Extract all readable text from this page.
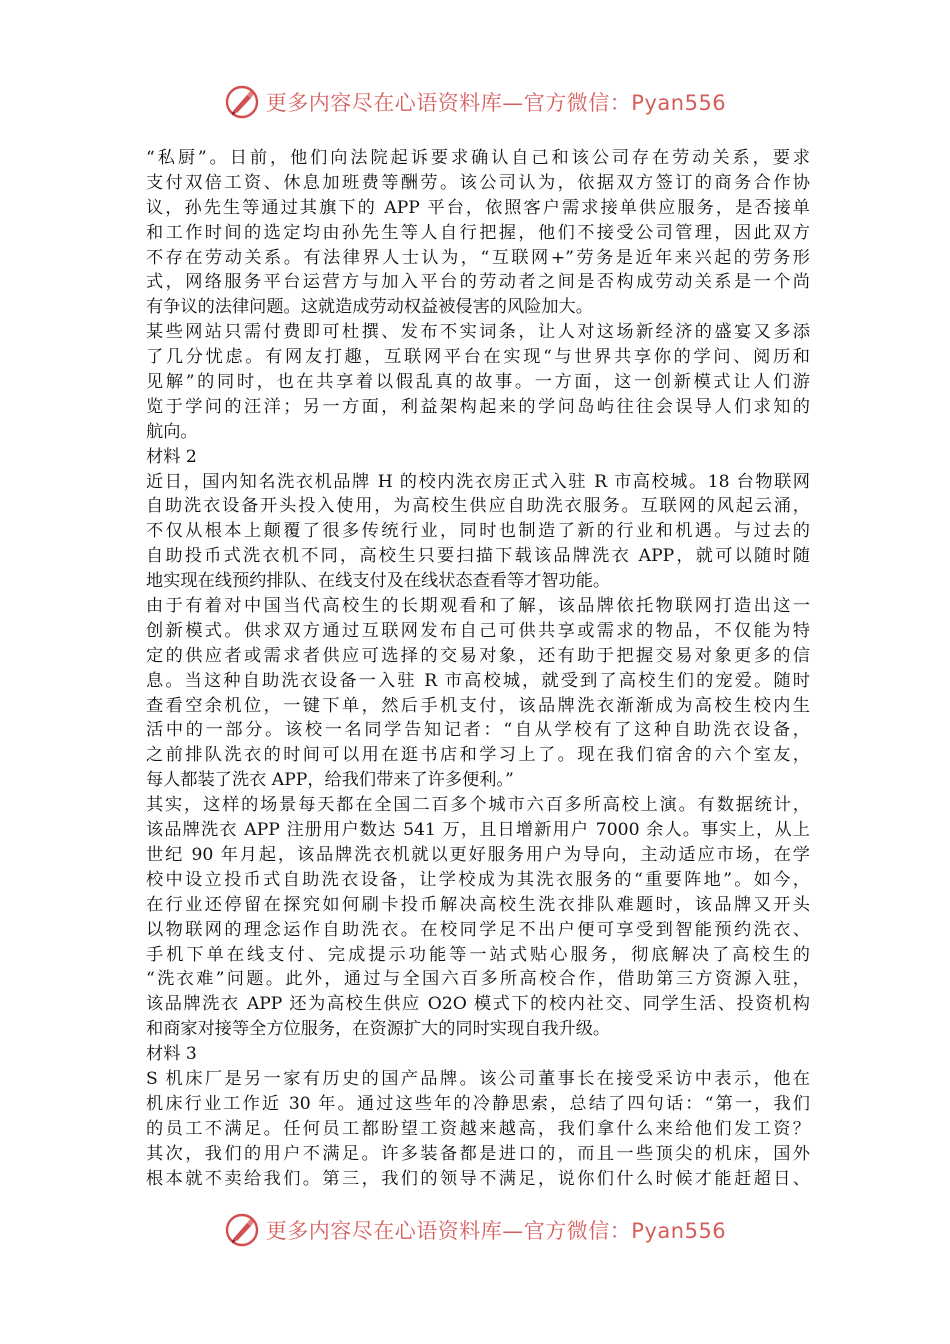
更多内容尽在心语资料库—官方微信：Pyan556
“私厨”。日前，他们向法院起诉要求确认自己和该公司存在劳动关系，要求
支付双倍工资、休息加班费等酬劳。该公司认为，依据双方签订的商务合作协
议，孙先生等通过其旗下的 APP 平台，依照客户需求接单供应服务，是否接单
和工作时间的选定均由孙先生等人自行把握，他们不接受公司管理，因此双方
不存在劳动关系。有法律界人士认为，“互联网+”劳务是近年来兴起的劳务形
式，网络服务平台运营方与加入平台的劳动者之间是否构成劳动关系是一个尚
有争议的法律问题。这就造成劳动权益被侵害的风险加大。
某些网站只需付费即可杜撰、发布不实词条，让人对这场新经济的盛宴又多添
了几分忧虑。有网友打趣，互联网平台在实现“与世界共享你的学问、阅历和
见解”的同时，也在共享着以假乱真的故事。一方面，这一创新模式让人们游
览于学问的汪洋；另一方面，利益架构起来的学问岛屿往往会误导人们求知的
航向。
材料 2
近日，国内知名洗衣机品牌 H 的校内洗衣房正式入驻 R 市高校城。18 台物联网
自助洗衣设备开头投入使用，为高校生供应自助洗衣服务。互联网的风起云涌，
不仅从根本上颠覆了很多传统行业，同时也制造了新的行业和机遇。与过去的
自助投币式洗衣机不同，高校生只要扫描下载该品牌洗衣 APP，就可以随时随
地实现在线预约排队、在线支付及在线状态查看等才智功能。
由于有着对中国当代高校生的长期观看和了解，该品牌依托物联网打造出这一
创新模式。供求双方通过互联网发布自己可供共享或需求的物品，不仅能为特
定的供应者或需求者供应可选择的交易对象，还有助于把握交易对象更多的信
息。当这种自助洗衣设备一入驻 R 市高校城，就受到了高校生们的宠爱。随时
查看空余机位，一键下单，然后手机支付，该品牌洗衣渐渐成为高校生校内生
活中的一部分。该校一名同学告知记者：“自从学校有了这种自助洗衣设备，
之前排队洗衣的时间可以用在逛书店和学习上了。现在我们宿舍的六个室友，
每人都装了洗衣 APP，给我们带来了许多便利。”
其实，这样的场景每天都在全国二百多个城市六百多所高校上演。有数据统计，
该品牌洗衣 APP 注册用户数达 541 万，且日增新用户 7000 余人。事实上，从上
世纪 90 年月起，该品牌洗衣机就以更好服务用户为导向，主动适应市场，在学
校中设立投币式自助洗衣设备，让学校成为其洗衣服务的“重要阵地”。如今，
在行业还停留在探究如何刷卡投币解决高校生洗衣排队难题时，该品牌又开头
以物联网的理念运作自助洗衣。在校同学足不出户便可享受到智能预约洗衣、
手机下单在线支付、完成提示功能等一站式贴心服务，彻底解决了高校生的
“洗衣难”问题。此外，通过与全国六百多所高校合作，借助第三方资源入驻，
该品牌洗衣 APP 还为高校生供应 O2O 模式下的校内社交、同学生活、投资机构
和商家对接等全方位服务，在资源扩大的同时实现自我升级。
材料 3
S 机床厂是另一家有历史的国产品牌。该公司董事长在接受采访中表示，他在
机床行业工作近 30 年。通过这些年的冷静思索，总结了四句话：“第一，我们
的员工不满足。任何员工都盼望工资越来越高，我们拿什么来给他们发工资？
其次，我们的用户不满足。许多装备都是进口的，而且一些顶尖的机床，国外
根本就不卖给我们。第三，我们的领导不满足，说你们什么时候才能赶超日、
更多内容尽在心语资料库—官方微信：Pyan556
